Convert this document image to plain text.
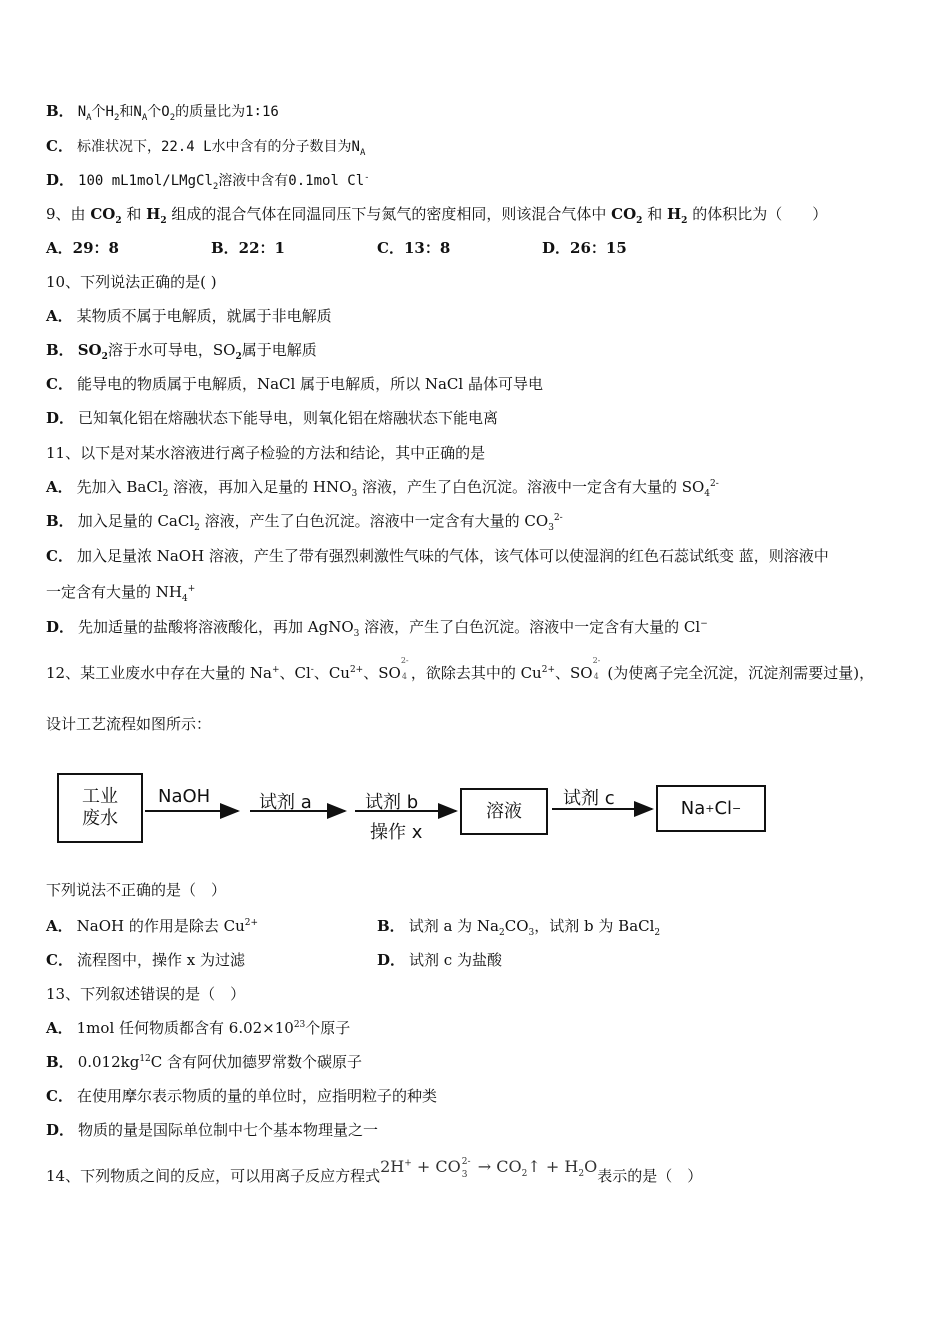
B． $N_A$个$H_2$和$N_A$个$O_2$的质量比为1∶16
C． 标准状况下，22.4 L水中含有的分子数目为$N_A$
D． 100 mL1mol/LMgCl$_2$溶液中含有0.1mol Cl-
9、由 $CO_2$ 和 $H_2$ 组成的混合气体在同温同压下与氮气的密度相同，则该混合气体中 $CO_2$ 和 $H_2$ 的体积比为（　　）
A．29：8	B．22：1	C．13：8	D．26：15
10、下列说法正确的是( )
A． 某物质不属于电解质，就属于非电解质
B． $SO_2$溶于水可导电，$SO_2$属于电解质
C． 能导电的物质属于电解质，NaCl 属于电解质，所以 NaCl 晶体可导电
D． 已知氧化铝在熔融状态下能导电，则氧化铝在熔融状态下能电离
11、以下是对某水溶液进行离子检验的方法和结论，其中正确的是
A． 先加入 BaCl$_2$ 溶液，再加入足量的 $HNO_3$ 溶液，产生了白色沉淀。溶液中一定含有大量的 $SO_4^{2-}$
B． 加入足量的 CaCl$_2$ 溶液，产生了白色沉淀。溶液中一定含有大量的 $CO_3^{2-}$
C． 加入足量浓 NaOH 溶液，产生了带有强烈刺激性气味的气体，该气体可以使湿润的红色石蕊试纸变 蓝，则溶液中
一定含有大量的 $NH_4^+$
D． 先加适量的盐酸将溶液酸化，再加 AgNO$_3$ 溶液，产生了白色沉淀。溶液中一定含有大量的 Cl−
12、某工业废水中存在大量的 Na+、Cl-、$Cu^{2+}$、SO
2-
4 ，欲除去其中的 $Cu^{2+}$、SO
2-
4 (为使离子完全沉淀，沉淀剂需要过量)，
设计工艺流程如图所示：
工业
废水
NaOH	试剂 a	试剂 b
操作 x
溶液
试剂 c	Na + Cl −
下列说法不正确的是（　）
A． NaOH 的作用是除去 $Cu^{2+}$	B． 试剂 a 为 $Na_2CO_3$，试剂 b 为 BaCl$_2$
C． 流程图中，操作 x 为过滤	D． 试剂 c 为盐酸
13、下列叙述错误的是（　）
A． 1mol 任何物质都含有 $6.02\times 10^{23}$个原子
B． $0.012kg^{12}C$ 含有阿伏加德罗常数个碳原子
C． 在使用摩尔表示物质的量的单位时，应指明粒子的种类
D． 物质的量是国际单位制中七个基本物理量之一
14、下列物质之间的反应，可以用离子反应方程式2H+ + CO 2-
$3 \to CO_2↑ + H_2O$表示的是（　）
